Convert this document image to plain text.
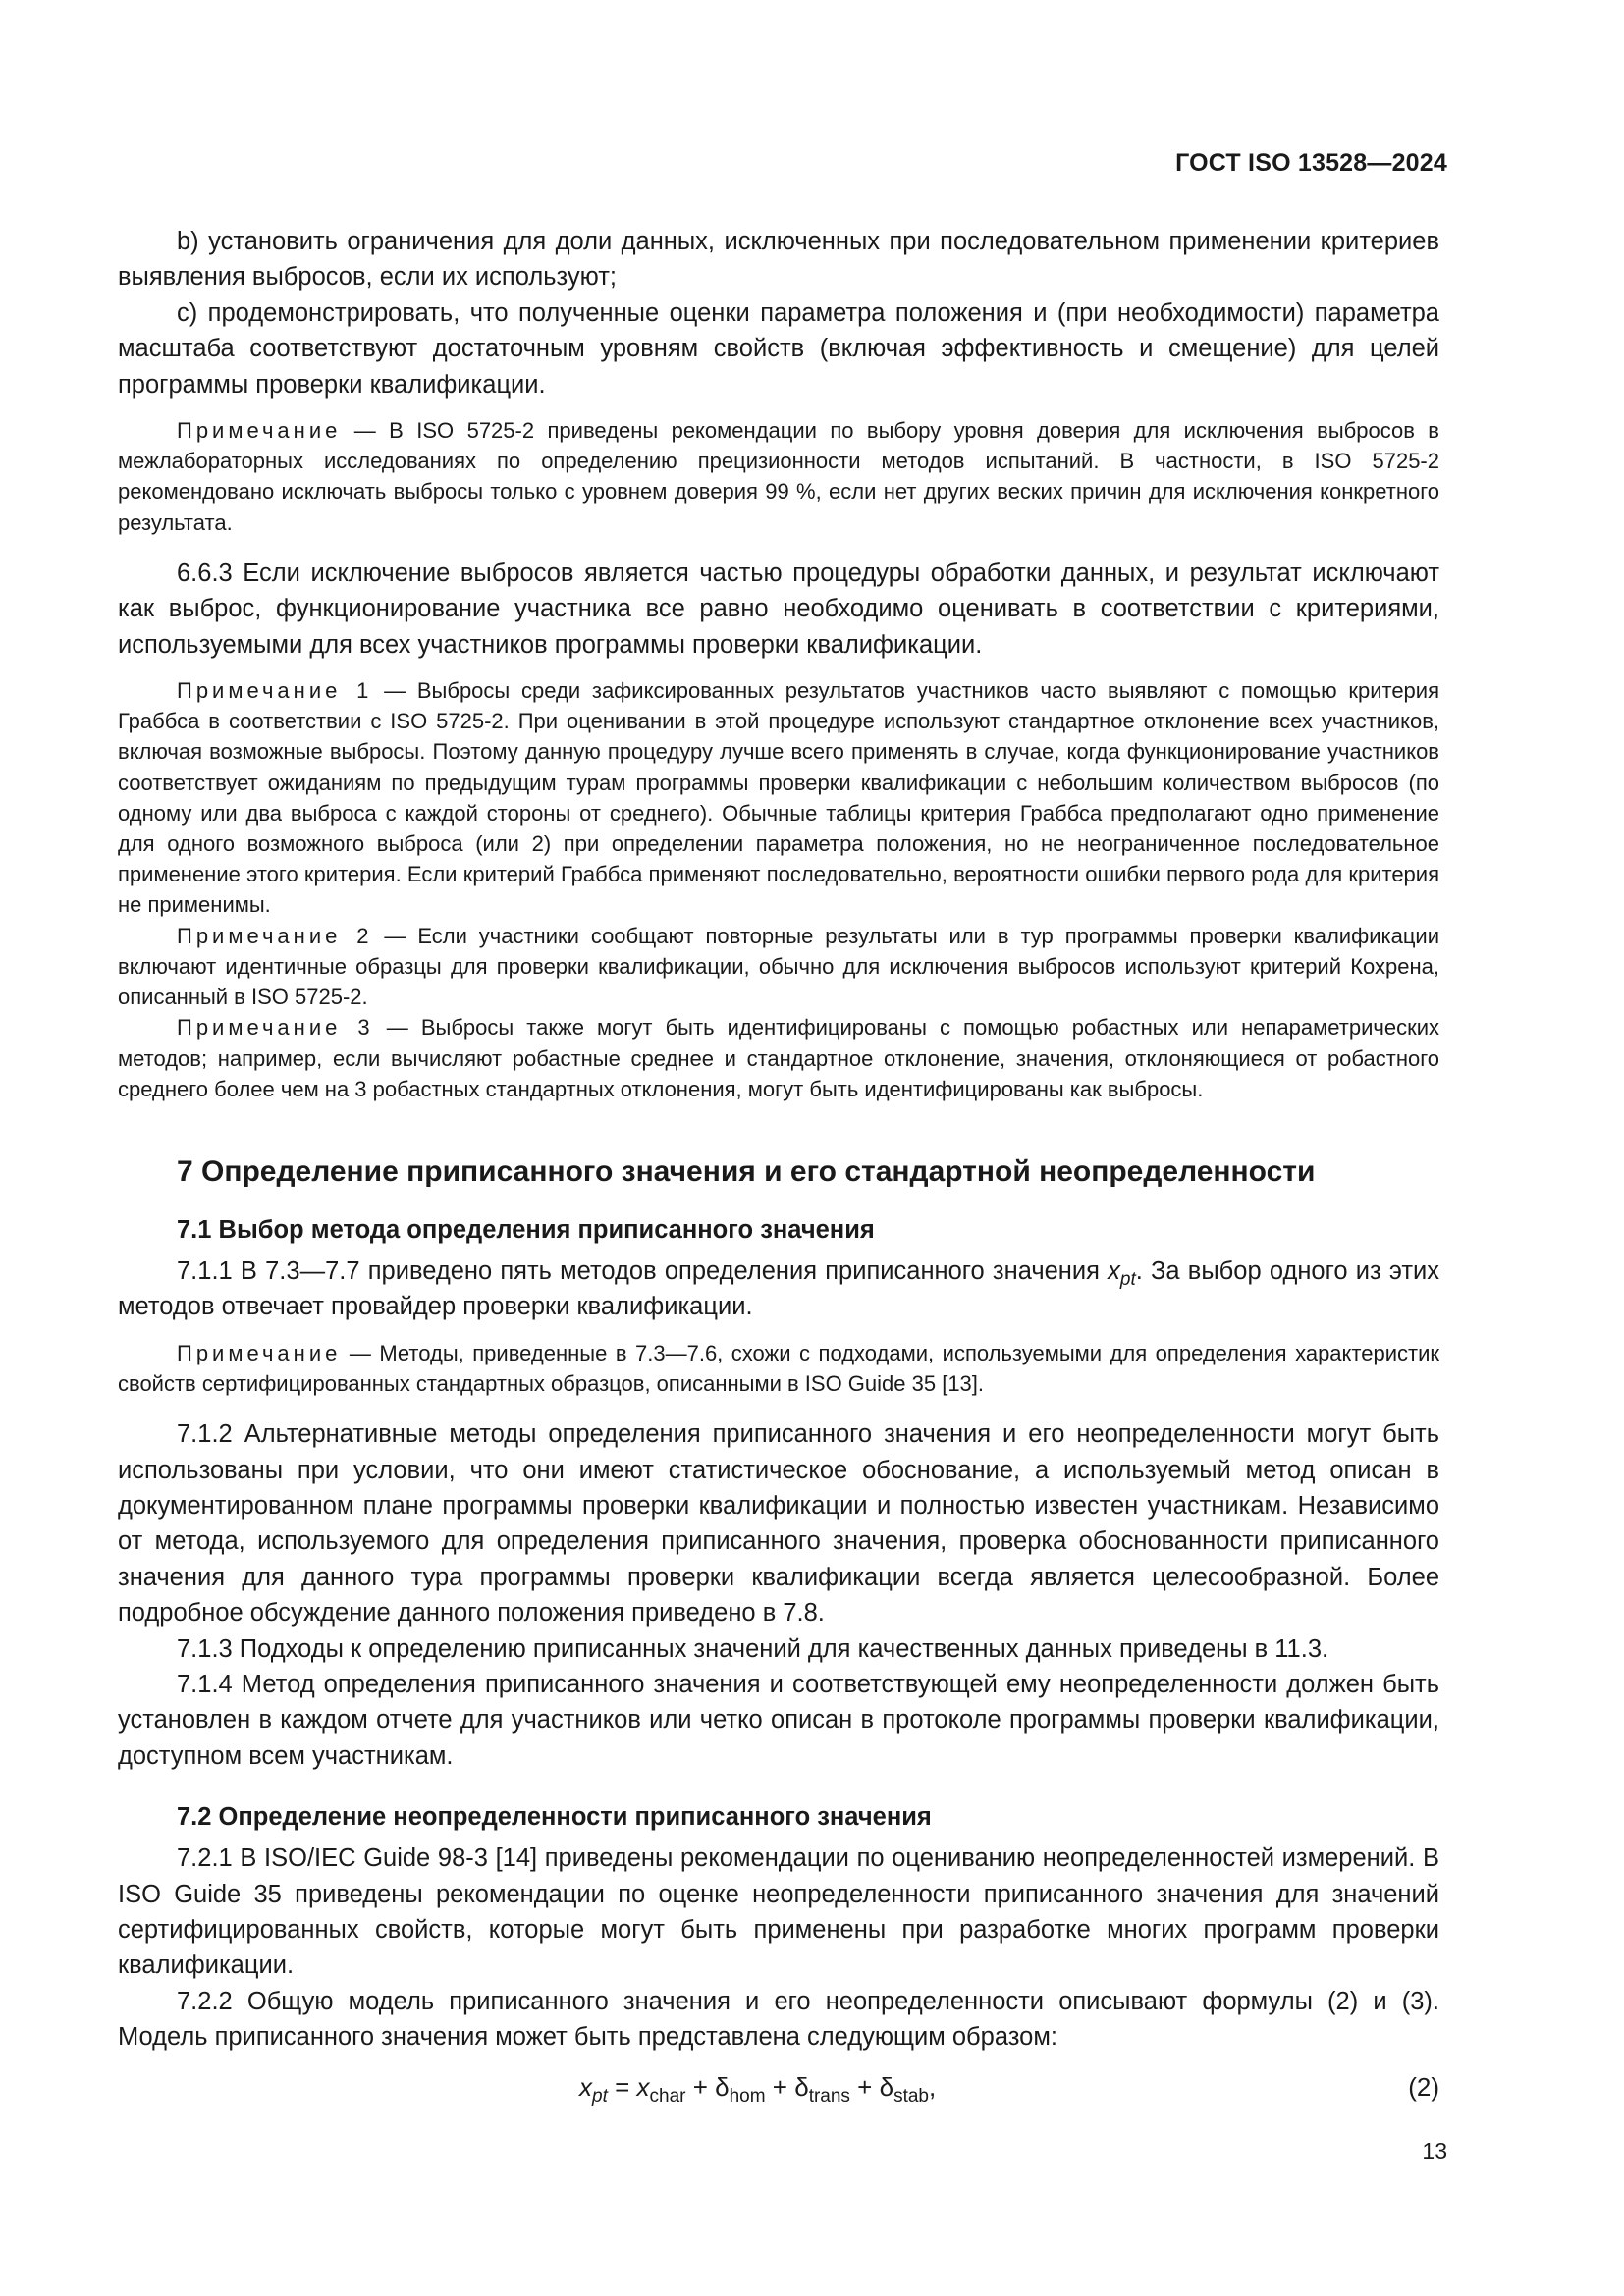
ГОСТ ISO 13528—2024

b) установить ограничения для доли данных, исключенных при последовательном применении критериев выявления выбросов, если их используют;

c) продемонстрировать, что полученные оценки параметра положения и (при необходимости) параметра масштаба соответствуют достаточным уровням свойств (включая эффективность и смещение) для целей программы проверки квалификации.

Примечание — В ISO 5725-2 приведены рекомендации по выбору уровня доверия для исключения выбросов в межлабораторных исследованиях по определению прецизионности методов испытаний. В частности, в ISO 5725-2 рекомендовано исключать выбросы только с уровнем доверия 99 %, если нет других веских причин для исключения конкретного результата.

6.6.3 Если исключение выбросов является частью процедуры обработки данных, и результат исключают как выброс, функционирование участника все равно необходимо оценивать в соответствии с критериями, используемыми для всех участников программы проверки квалификации.

Примечание 1 — Выбросы среди зафиксированных результатов участников часто выявляют с помощью критерия Граббса в соответствии с ISO 5725-2. При оценивании в этой процедуре используют стандартное отклонение всех участников, включая возможные выбросы. Поэтому данную процедуру лучше всего применять в случае, когда функционирование участников соответствует ожиданиям по предыдущим турам программы проверки квалификации с небольшим количеством выбросов (по одному или два выброса с каждой стороны от среднего). Обычные таблицы критерия Граббса предполагают одно применение для одного возможного выброса (или 2) при определении параметра положения, но не неограниченное последовательное применение этого критерия. Если критерий Граббса применяют последовательно, вероятности ошибки первого рода для критерия не применимы.

Примечание 2 — Если участники сообщают повторные результаты или в тур программы проверки квалификации включают идентичные образцы для проверки квалификации, обычно для исключения выбросов используют критерий Кохрена, описанный в ISO 5725-2.

Примечание 3 — Выбросы также могут быть идентифицированы с помощью робастных или непараметрических методов; например, если вычисляют робастные среднее и стандартное отклонение, значения, отклоняющиеся от робастного среднего более чем на 3 робастных стандартных отклонения, могут быть идентифицированы как выбросы.

7 Определение приписанного значения и его стандартной неопределенности
7.1 Выбор метода определения приписанного значения

7.1.1 В 7.3—7.7 приведено пять методов определения приписанного значения $x_{pt}$. За выбор одного из этих методов отвечает провайдер проверки квалификации.

Примечание — Методы, приведенные в 7.3—7.6, схожи с подходами, используемыми для определения характеристик свойств сертифицированных стандартных образцов, описанными в ISO Guide 35 [13].

7.1.2 Альтернативные методы определения приписанного значения и его неопределенности могут быть использованы при условии, что они имеют статистическое обоснование, а используемый метод описан в документированном плане программы проверки квалификации и полностью известен участникам. Независимо от метода, используемого для определения приписанного значения, проверка обоснованности приписанного значения для данного тура программы проверки квалификации всегда является целесообразной. Более подробное обсуждение данного положения приведено в 7.8.

7.1.3 Подходы к определению приписанных значений для качественных данных приведены в 11.3.

7.1.4 Метод определения приписанного значения и соответствующей ему неопределенности должен быть установлен в каждом отчете для участников или четко описан в протоколе программы проверки квалификации, доступном всем участникам.

7.2 Определение неопределенности приписанного значения

7.2.1 В ISO/IEC Guide 98-3 [14] приведены рекомендации по оцениванию неопределенностей измерений. В ISO Guide 35 приведены рекомендации по оценке неопределенности приписанного значения для значений сертифицированных свойств, которые могут быть применены при разработке многих программ проверки квалификации.

7.2.2 Общую модель приписанного значения и его неопределенности описывают формулы (2) и (3). Модель приписанного значения может быть представлена следующим образом:

$x_{pt} = x_{char} + \delta_{hom} + \delta_{trans} + \delta_{stab}$,	(2)
13
